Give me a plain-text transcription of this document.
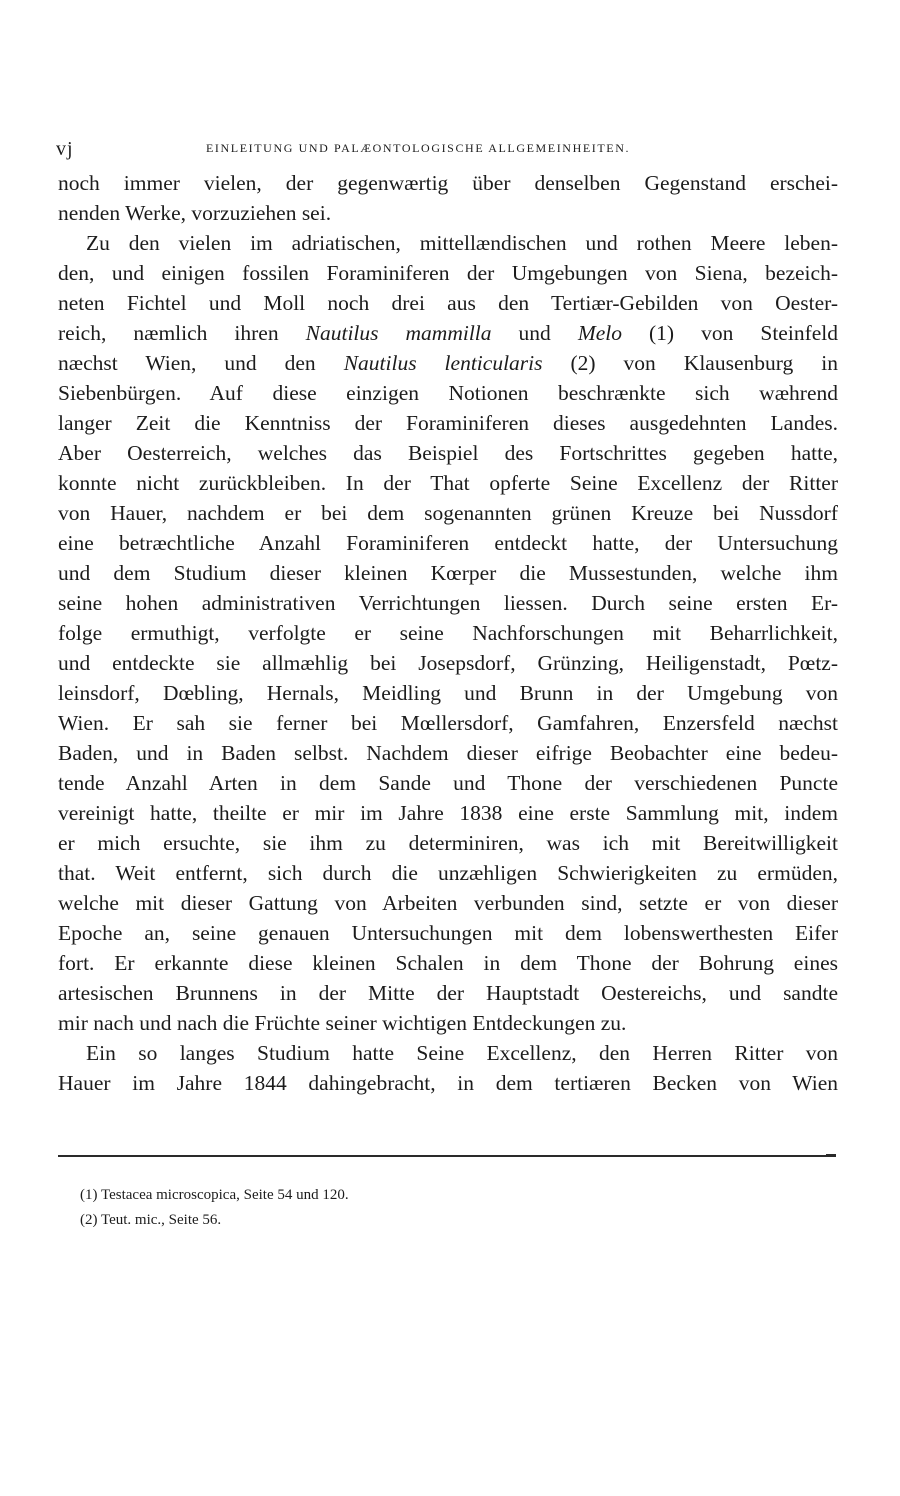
vj	EINLEITUNG UND PALÆONTOLOGISCHE ALLGEMEINHEITEN.
noch immer vielen, der gegenwærtig über denselben Gegenstand erschei-
nenden Werke, vorzuziehen sei.
Zu den vielen im adriatischen, mittellændischen und rothen Meere leben-
den, und einigen fossilen Foraminiferen der Umgebungen von Siena, bezeich-
neten Fichtel und Moll noch drei aus den Tertiær-Gebilden von Oester-
reich, næmlich ihren Nautilus mammilla und Melo (1) von Steinfeld
næchst Wien, und den Nautilus lenticularis (2) von Klausenburg in
Siebenbürgen. Auf diese einzigen Notionen beschrænkte sich wæhrend
langer Zeit die Kenntniss der Foraminiferen dieses ausgedehnten Landes.
Aber Oesterreich, welches das Beispiel des Fortschrittes gegeben hatte,
konnte nicht zurückbleiben. In der That opferte Seine Excellenz der Ritter
von Hauer, nachdem er bei dem sogenannten grünen Kreuze bei Nussdorf
eine betræchtliche Anzahl Foraminiferen entdeckt hatte, der Untersuchung
und dem Studium dieser kleinen Kœrper die Mussestunden, welche ihm
seine hohen administrativen Verrichtungen liessen. Durch seine ersten Er-
folge ermuthigt, verfolgte er seine Nachforschungen mit Beharrlichkeit,
und entdeckte sie allmæhlig bei Josepsdorf, Grünzing, Heiligenstadt, Pœtz-
leinsdorf, Dœbling, Hernals, Meidling und Brunn in der Umgebung von
Wien. Er sah sie ferner bei Mœllersdorf, Gamfahren, Enzersfeld næchst
Baden, und in Baden selbst. Nachdem dieser eifrige Beobachter eine bedeu-
tende Anzahl Arten in dem Sande und Thone der verschiedenen Puncte
vereinigt hatte, theilte er mir im Jahre 1838 eine erste Sammlung mit, indem
er mich ersuchte, sie ihm zu determiniren, was ich mit Bereitwilligkeit
that. Weit entfernt, sich durch die unzæhligen Schwierigkeiten zu ermüden,
welche mit dieser Gattung von Arbeiten verbunden sind, setzte er von dieser
Epoche an, seine genauen Untersuchungen mit dem lobenswerthesten Eifer
fort. Er erkannte diese kleinen Schalen in dem Thone der Bohrung eines
artesischen Brunnens in der Mitte der Hauptstadt Oestereichs, und sandte
mir nach und nach die Früchte seiner wichtigen Entdeckungen zu.
Ein so langes Studium hatte Seine Excellenz, den Herren Ritter von
Hauer im Jahre 1844 dahingebracht, in dem tertiæren Becken von Wien
(1) Testacea microscopica, Seite 54 und 120.
(2) Teut. mic., Seite 56.
